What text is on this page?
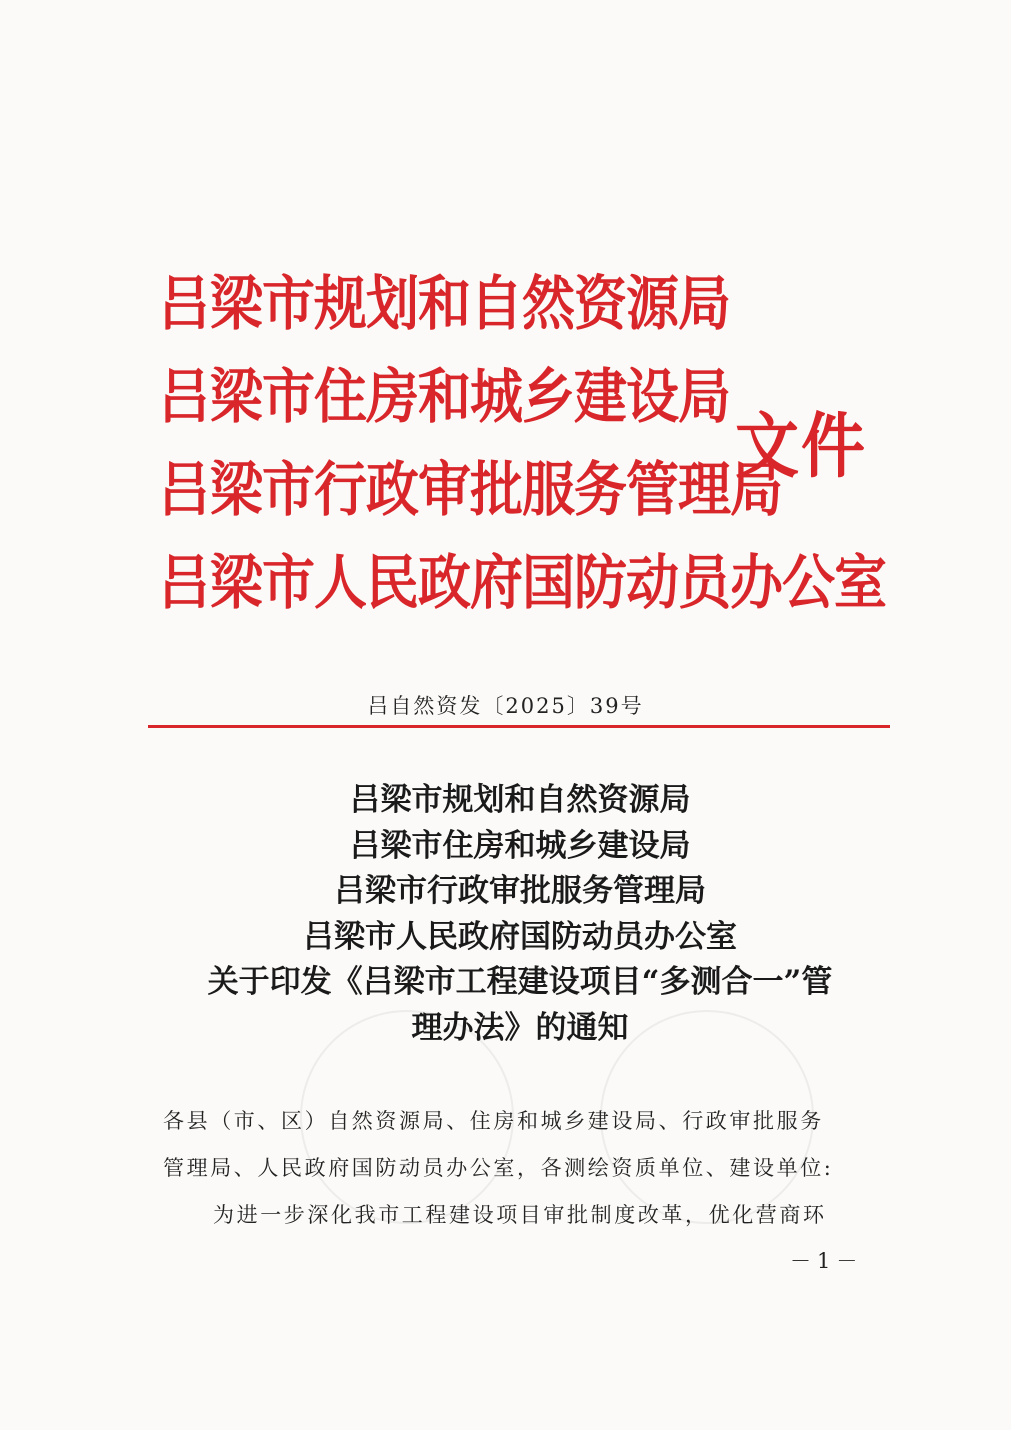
吕梁市规划和自然资源局
吕梁市住房和城乡建设局
吕梁市行政审批服务管理局
吕梁市人民政府国防动员办公室
文件
吕自然资发〔2025〕39号
吕梁市规划和自然资源局
吕梁市住房和城乡建设局
吕梁市行政审批服务管理局
吕梁市人民政府国防动员办公室
关于印发《吕梁市工程建设项目“多测合一”管
理办法》的通知
各县（市、区）自然资源局、住房和城乡建设局、行政审批服务
管理局、人民政府国防动员办公室，各测绘资质单位、建设单位:
为进一步深化我市工程建设项目审批制度改革，优化营商环
－1－
